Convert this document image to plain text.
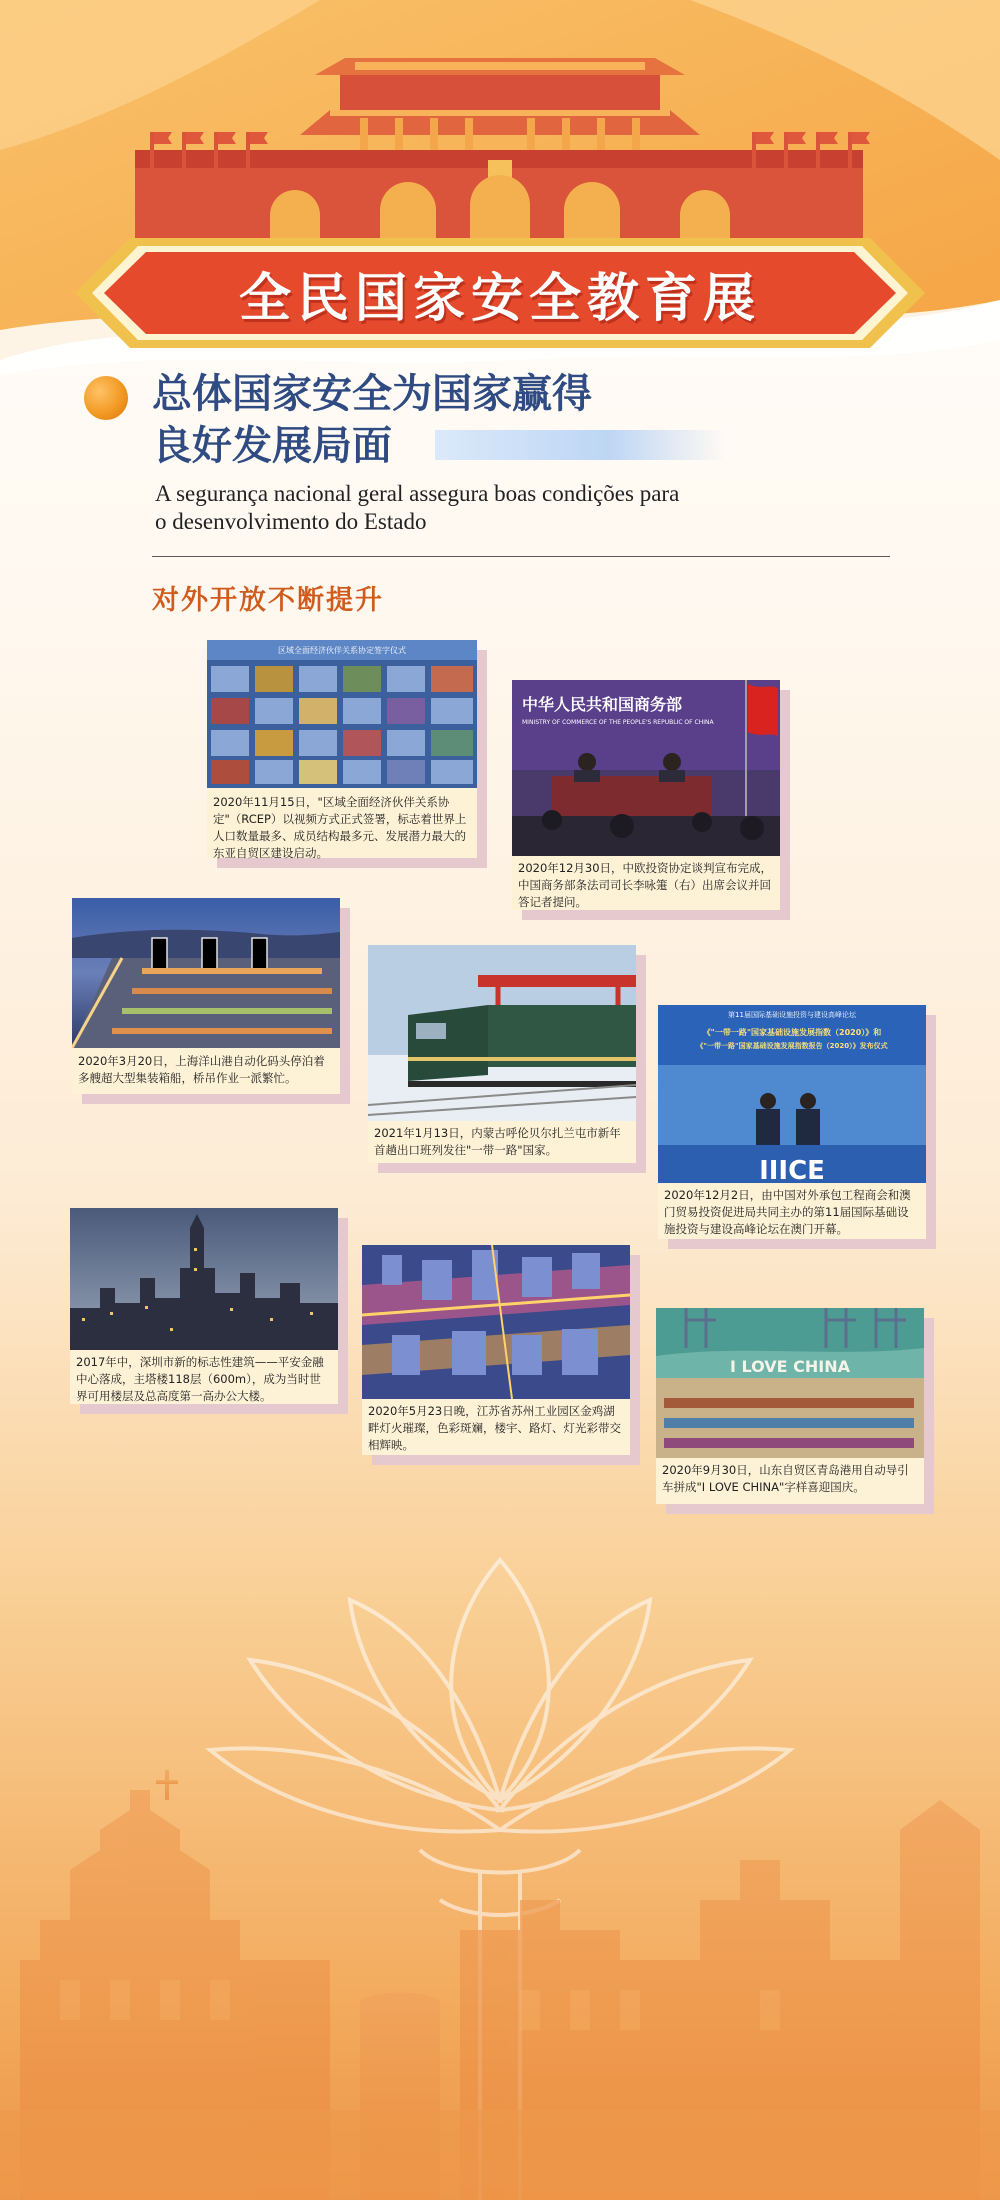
全民国家安全教育展
总体国家安全为国家赢得
良好发展局面

A segurança nacional geral assegura boas condições para
o desenvolvimento do Estado

对外开放不断提升
区域全面经济伙伴关系协定签字仪式

2020年11月15日，"区域全面经济伙伴关系协定"（RCEP）以视频方式正式签署，标志着世界上人口数量最多、成员结构最多元、发展潜力最大的东亚自贸区建设启动。

中华人民共和国商务部
MINISTRY OF COMMERCE OF THE PEOPLE'S REPUBLIC OF CHINA

2020年12月30日，中欧投资协定谈判宣布完成，中国商务部条法司司长李咏箑（右）出席会议并回答记者提问。

2020年3月20日，上海洋山港自动化码头停泊着多艘超大型集装箱船，桥吊作业一派繁忙。

2021年1月13日，内蒙古呼伦贝尔扎兰屯市新年首趟出口班列发往"一带一路"国家。

第11届国际基础设施投资与建设高峰论坛
《"一带一路"国家基础设施发展指数（2020）》和
《"一带一路"国家基础设施发展指数报告（2020）》发布仪式
IIICE

2020年12月2日，由中国对外承包工程商会和澳门贸易投资促进局共同主办的第11届国际基础设施投资与建设高峰论坛在澳门开幕。

2017年中，深圳市新的标志性建筑——平安金融中心落成，主塔楼118层（600m），成为当时世界可用楼层及总高度第一高办公大楼。

2020年5月23日晚，江苏省苏州工业园区金鸡湖畔灯火璀璨，色彩斑斓，楼宇、路灯、灯光彩带交相辉映。

I LOVE CHINA

2020年9月30日，山东自贸区青岛港用自动导引车拼成"I LOVE CHINA"字样喜迎国庆。
